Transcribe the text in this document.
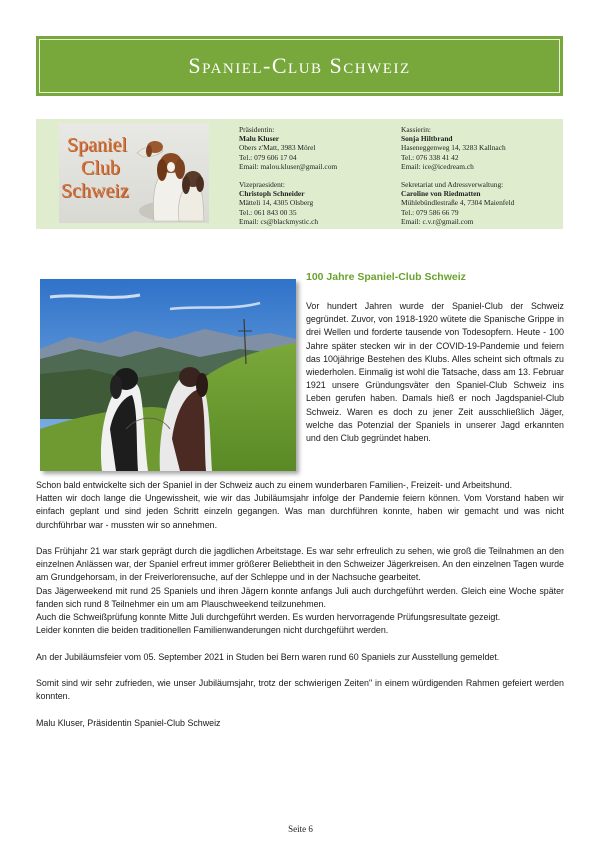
Spaniel-Club Schweiz
Spaniel
Club
Schweiz
Präsidentin:
Malu Kluser
Obers z'Matt, 3983 Mörel
Tel.: 079 606 17 04
Email: malou.kluser@gmail.com
Vizepraesident:
Christoph Schneider
Mätteli 14, 4305 Olsberg
Tel.: 061 843 00 35
Email: cs@blackmystic.ch
Kassierin:
Sonja Hiltbrand
Haseneggenweg 14, 3283 Kallnach
Tel.: 076 338 41 42
Email: ice@icedream.ch
Sekretariat und Adressverwaltung:
Caroline von Riedmatten
Mühlebündlestraße 4, 7304 Maienfeld
Tel.: 079 586 66 79
Email: c.v.r@gmail.com
100 Jahre Spaniel-Club Schweiz

Vor hundert Jahren wurde der Spaniel-Club der Schweiz gegründet. Zuvor, von 1918-1920 wütete die Spanische Grippe in drei Wellen und forderte tausende von Todesopfern. Heute - 100 Jahre später stecken wir in der COVID-19-Pandemie und feiern das 100jährige Bestehen des Klubs. Alles scheint sich oftmals zu wiederholen. Einmalig ist wohl die Tatsache, dass am 13. Februar 1921 unsere Gründungsväter den Spaniel-Club Schweiz ins Leben gerufen haben. Damals hieß er noch Jagdspaniel-Club Schweiz. Waren es doch zu jener Zeit ausschließlich Jäger, welche das Potenzial der Spaniels in unserer Jagd erkannten und den Club gegründet haben.

Schon bald entwickelte sich der Spaniel in der Schweiz auch zu einem wunderbaren Familien-, Freizeit- und Arbeitshund.

Hatten wir doch lange die Ungewissheit, wie wir das Jubiläumsjahr infolge der Pandemie feiern können. Vom Vorstand haben wir einfach geplant und sind jeden Schritt einzeln gegangen. Was man durchführen konnte, haben wir gemacht und was nicht durchführbar war - mussten wir so annehmen.

Das Frühjahr 21 war stark geprägt durch die jagdlichen Arbeitstage. Es war sehr erfreulich zu sehen, wie groß die Teilnahmen an den einzelnen Anlässen war, der Spaniel erfreut immer größerer Beliebtheit in den Schweizer Jägerkreisen. An den einzelnen Tagen wurde am Grundgehorsam, in der Freiverlorensuche, auf der Schleppe und in der Nachsuche gearbeitet.

Das Jägerweekend mit rund 25 Spaniels und ihren Jägern konnte anfangs Juli auch durchgeführt werden. Gleich eine Woche später fanden sich rund 8 Teilnehmer ein um am Plauschweekend teilzunehmen.

Auch die Schweißprüfung konnte Mitte Juli durchgeführt werden. Es wurden hervorragende Prüfungsresultate gezeigt.

Leider konnten die beiden traditionellen Familienwanderungen nicht durchgeführt werden.

An der Jubiläumsfeier vom 05. September 2021 in Studen bei Bern waren rund 60 Spaniels zur Ausstellung gemeldet.

Somit sind wir sehr zufrieden, wie unser Jubiläumsjahr, trotz der schwierigen Zeiten" in einem würdigenden Rahmen gefeiert werden konnten.

Malu Kluser, Präsidentin Spaniel-Club Schweiz

Seite 6
